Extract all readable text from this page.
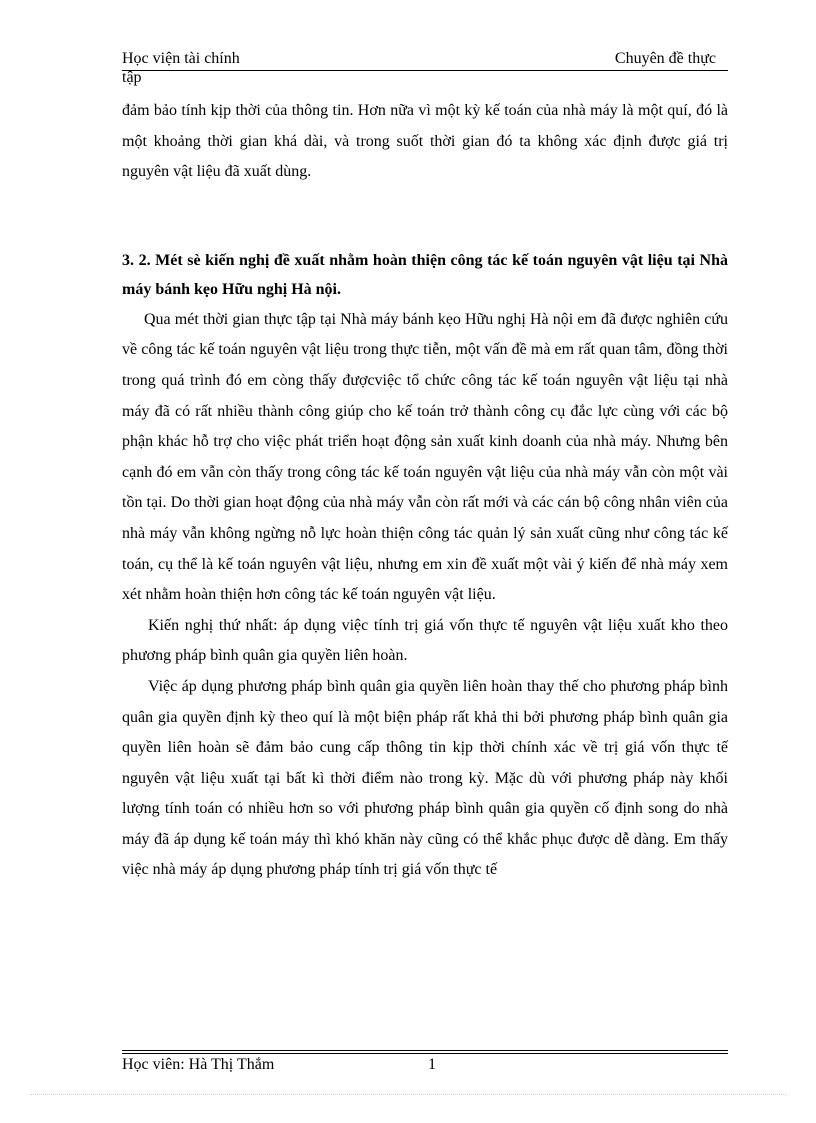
Học viện tài chính	Chuyên đề thực
tập

đảm bảo tính kịp thời của thông tin. Hơn nữa vì một kỳ kế toán của nhà máy là một quí, đó là một khoảng thời gian khá dài, và trong suốt thời gian đó ta không xác định được giá trị nguyên vật liệu đã xuất dùng.

3. 2. Mét sè kiến nghị đề xuất nhằm hoàn thiện công tác kế toán nguyên vật liệu tại Nhà máy bánh kẹo Hữu nghị Hà nội.

Qua mét thời gian thực tập tại Nhà máy bánh kẹo Hữu nghị Hà nội em đã được nghiên cứu về công tác kế toán nguyên vật liệu trong thực tiễn, một vấn đề mà em rất quan tâm, đồng thời trong quá trình đó em còng thấy đượcviệc tổ chức công tác kế toán nguyên vật liệu tại nhà máy đã có rất nhiều thành công giúp cho kế toán trở thành công cụ đắc lực cùng với các bộ phận khác hỗ trợ cho việc phát triển hoạt động sản xuất kinh doanh của nhà máy. Nhưng bên cạnh đó em vẫn còn thấy trong công tác kế toán nguyên vật liệu của nhà máy vẫn còn một vài tồn tại. Do thời gian hoạt động của nhà máy vẫn còn rất mới và các cán bộ công nhân viên của nhà máy vẫn không ngừng nỗ lực hoàn thiện công tác quản lý sản xuất cũng như công tác kế toán, cụ thể là kế toán nguyên vật liệu, nhưng em xin đề xuất một vài ý kiến để nhà máy xem xét nhằm hoàn thiện hơn công tác kế toán nguyên vật liệu.

Kiến nghị thứ nhất: áp dụng việc tính trị giá vốn thực tế nguyên vật liệu xuất kho theo phương pháp bình quân gia quyền liên hoàn.

Việc áp dụng phương pháp bình quân gia quyền liên hoàn thay thế cho phương pháp bình quân gia quyền định kỳ theo quí là một biện pháp rất khả thi bởi phương pháp bình quân gia quyền liên hoàn sẽ đảm bảo cung cấp thông tin kịp thời chính xác về trị giá vốn thực tế nguyên vật liệu xuất tại bất kì thời điểm nào trong kỳ. Mặc dù với phương pháp này khối lượng tính toán có nhiều hơn so với phương pháp bình quân gia quyền cố định song do nhà máy đã áp dụng kế toán máy thì khó khăn này cũng có thể khắc phục được dễ dàng. Em thấy việc nhà máy áp dụng phương pháp tính trị giá vốn thực tế

Học viên: Hà Thị Thắm	1
